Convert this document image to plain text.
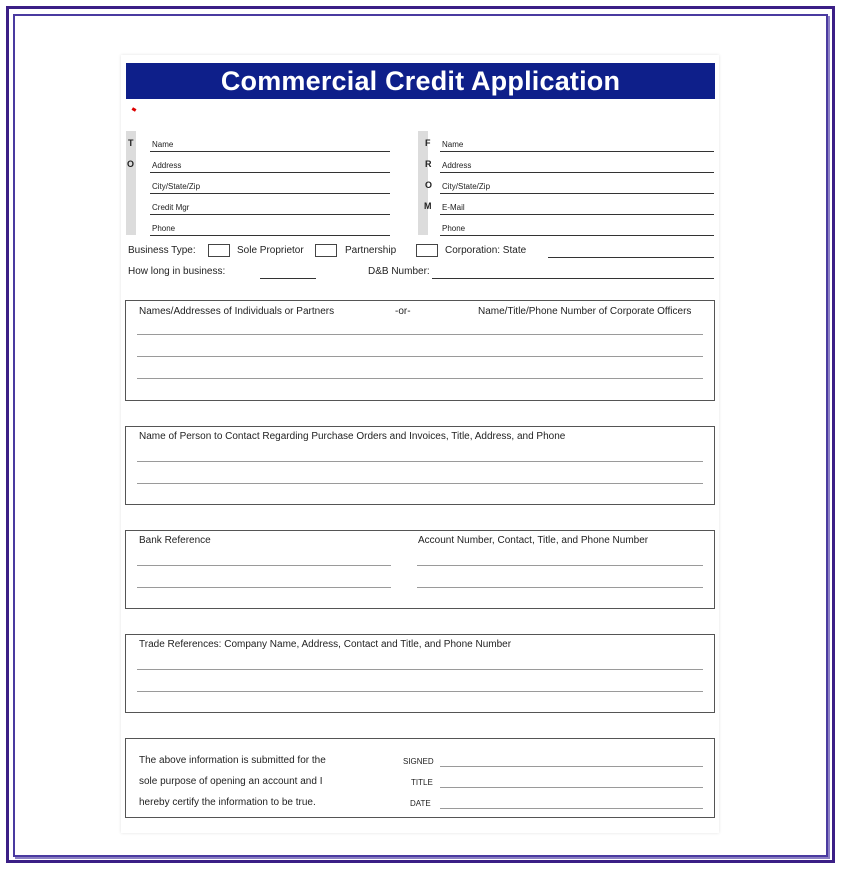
Commercial Credit Application
T
O
Name
Address
City/State/Zip
Credit Mgr
Phone
F
R
O
M
Name
Address
City/State/Zip
E-Mail
Phone
Business Type:	Sole Proprietor	Partnership	Corporation: State
How long in business:	D&B Number:
Names/Addresses of Individuals or Partners	-or-	Name/Title/Phone Number of Corporate Officers
Name of Person to Contact Regarding Purchase Orders and Invoices, Title, Address, and Phone
Bank Reference	Account Number, Contact, Title, and Phone Number
Trade References: Company Name, Address, Contact and Title, and Phone Number
The above information is submitted for the
sole purpose of opening an account and I
hereby certify the information to be true.
SIGNED
TITLE
DATE
